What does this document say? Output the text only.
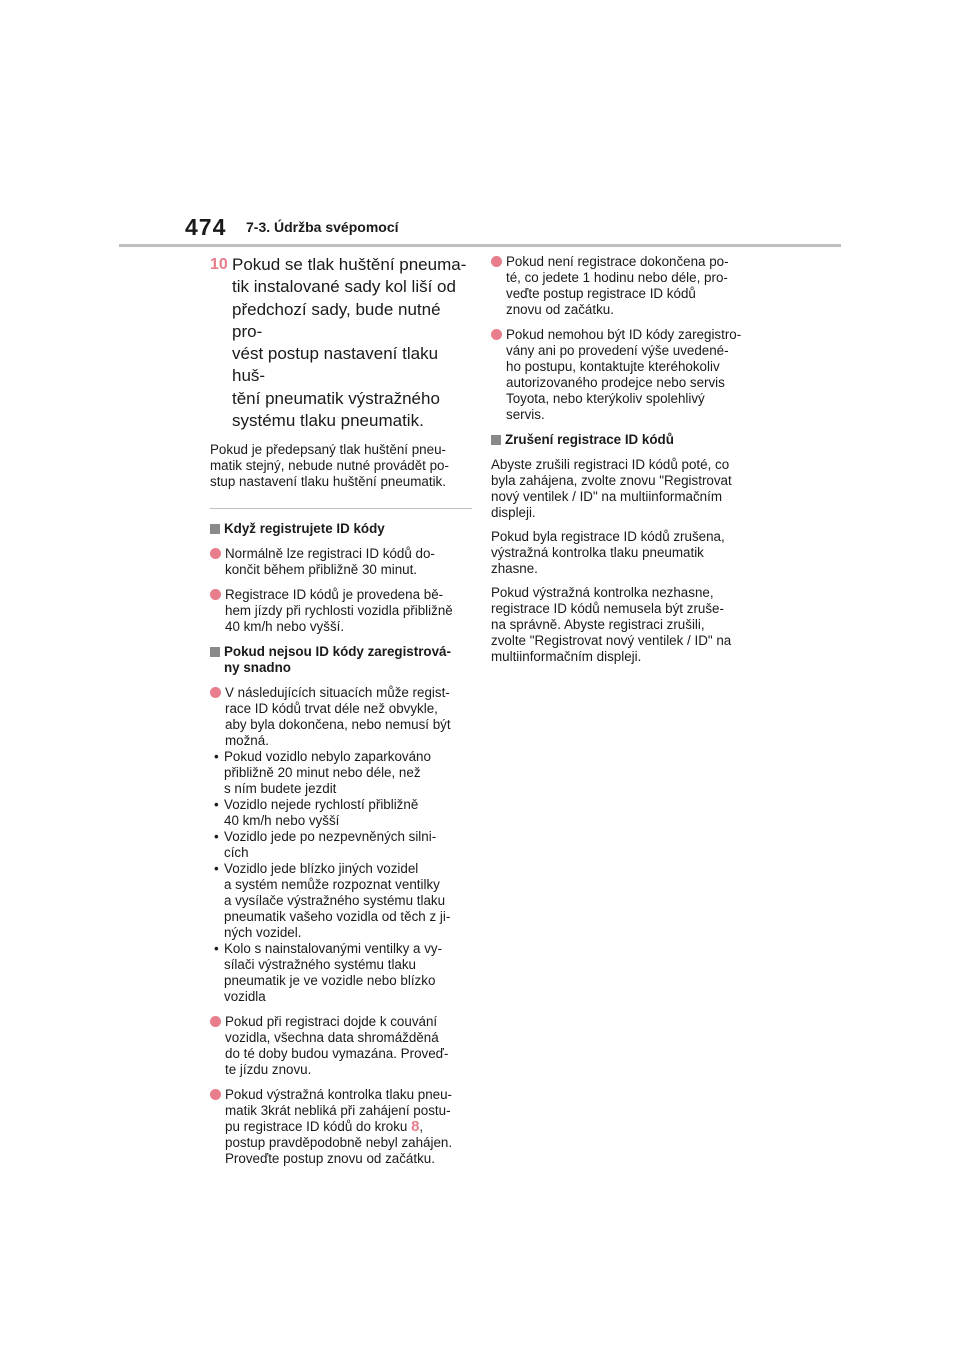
474 7-3. Údržba svépomocí
10 Pokud se tlak huštění pneuma-
tik instalované sady kol liší od
předchozí sady, bude nutné pro-
vést postup nastavení tlaku huš-
tění pneumatik výstražného
systému tlaku pneumatik.
Pokud je předepsaný tlak huštění pneu-
matik stejný, nebude nutné provádět po-
stup nastavení tlaku huštění pneumatik.
Když registrujete ID kódy
Normálně lze registraci ID kódů do-
končit během přibližně 30 minut.
Registrace ID kódů je provedena bě-
hem jízdy při rychlosti vozidla přibližně
40 km/h nebo vyšší.
Pokud nejsou ID kódy zaregistrová-
ny snadno
V následujících situacích může regist-
race ID kódů trvat déle než obvykle,
aby byla dokončena, nebo nemusí být
možná.
• Pokud vozidlo nebylo zaparkováno
přibližně 20 minut nebo déle, než
s ním budete jezdit
• Vozidlo nejede rychlostí přibližně
40 km/h nebo vyšší
• Vozidlo jede po nezpevněných silni-
cích
• Vozidlo jede blízko jiných vozidel
a systém nemůže rozpoznat ventilky
a vysílače výstražného systému tlaku
pneumatik vašeho vozidla od těch z ji-
ných vozidel.
• Kolo s nainstalovanými ventilky a vy-
sílači výstražného systému tlaku
pneumatik je ve vozidle nebo blízko
vozidla
Pokud při registraci dojde k couvání
vozidla, všechna data shromážděná
do té doby budou vymazána. Proveď-
te jízdu znovu.
Pokud výstražná kontrolka tlaku pneu-
matik 3krát nebliká při zahájení postu-
pu registrace ID kódů do kroku 8,
postup pravděpodobně nebyl zahájen.
Proveďte postup znovu od začátku.
Pokud není registrace dokončena po-
té, co jedete 1 hodinu nebo déle, pro-
veďte postup registrace ID kódů
znovu od začátku.
Pokud nemohou být ID kódy zaregistro-
vány ani po provedení výše uvedené-
ho postupu, kontaktujte kteréhokoliv
autorizovaného prodejce nebo servis
Toyota, nebo kterýkoliv spolehlivý
servis.
Zrušení registrace ID kódů
Abyste zrušili registraci ID kódů poté, co
byla zahájena, zvolte znovu "Registrovat
nový ventilek / ID" na multiinformačním
displeji.
Pokud byla registrace ID kódů zrušena,
výstražná kontrolka tlaku pneumatik
zhasne.
Pokud výstražná kontrolka nezhasne,
registrace ID kódů nemusela být zruše-
na správně. Abyste registraci zrušili,
zvolte "Registrovat nový ventilek / ID" na
multiinformačním displeji.
